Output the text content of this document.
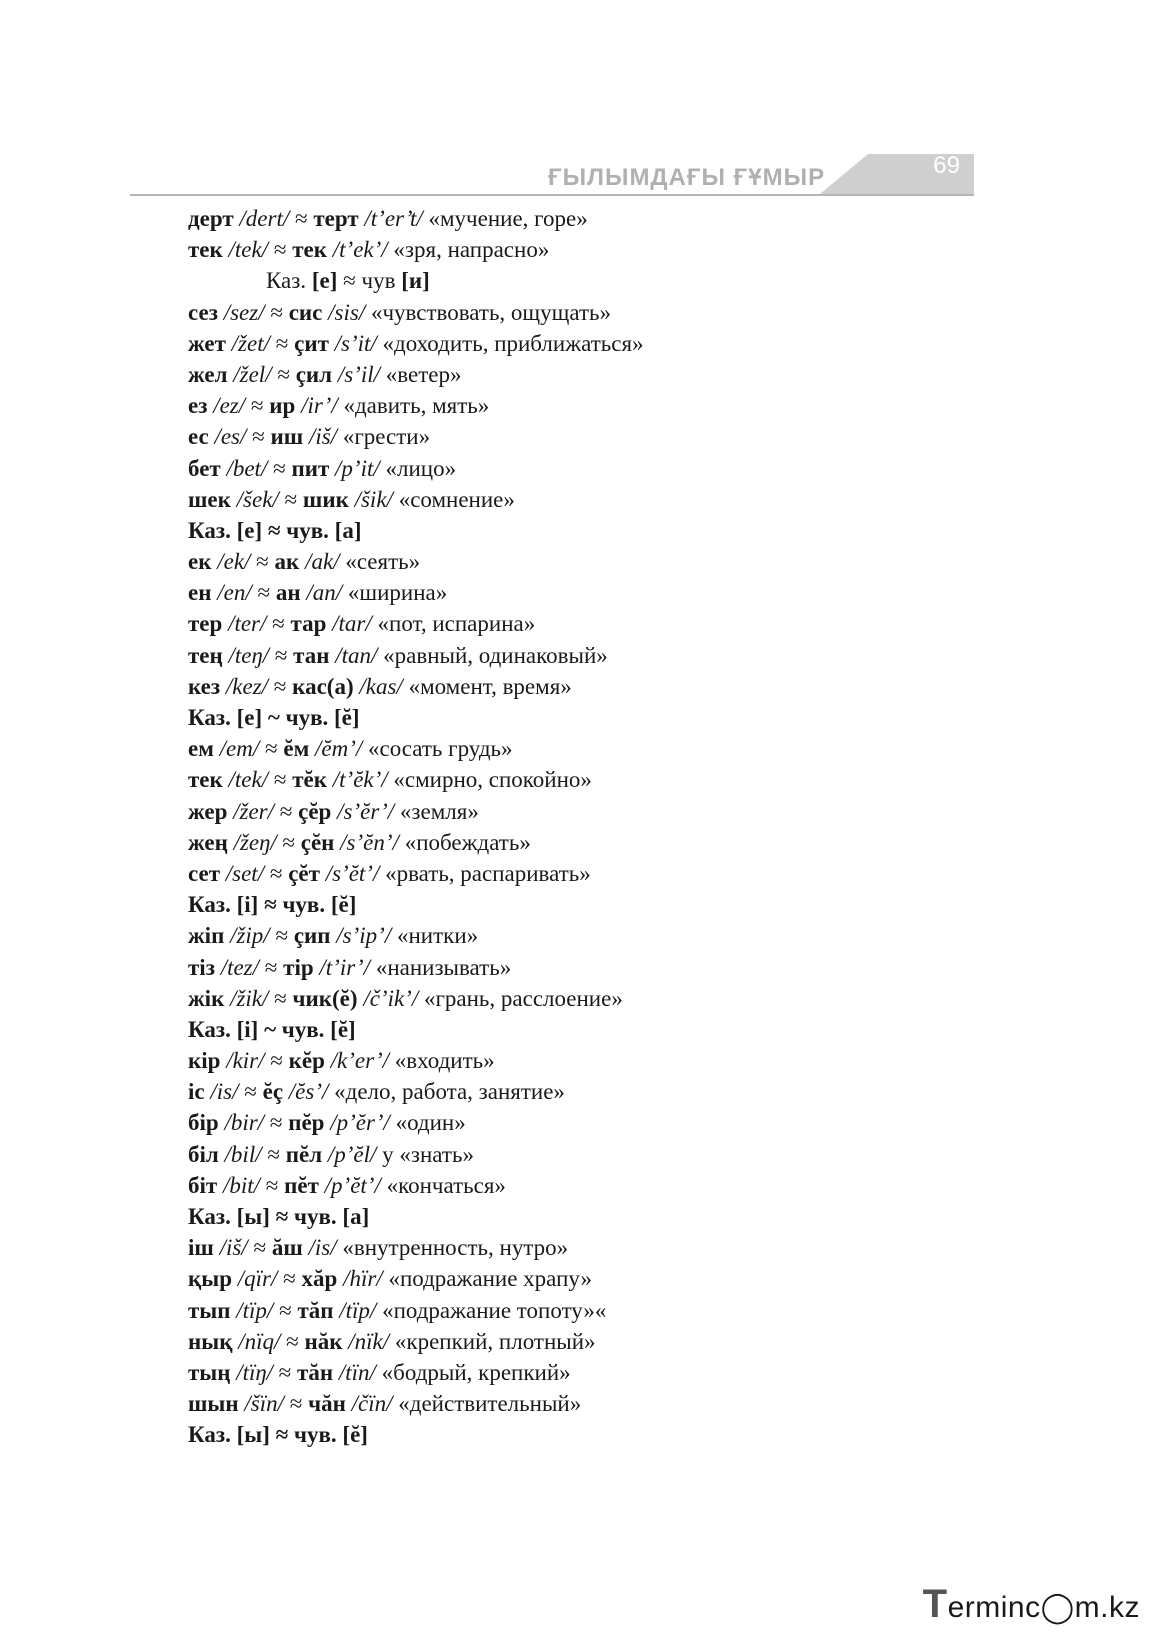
ҒЫЛЫМДАҒЫ ҒҰМЫР	69
дерт /dert/ ≈ терт /t’er’t/ «мучение, горе»
тек /tek/ ≈ тек /t’ek’/ «зря, напрасно»
Каз. [е] ≈ чув [и]
сез /sez/ ≈ сис /sis/ «чувствовать, ощущать»
жет /žet/ ≈ çит /s’it/ «доходить, приближаться»
жел /žel/ ≈ çил /s’il/ «ветер»
ез /ez/ ≈ ир /ir’/ «давить, мять»
ес /es/ ≈ иш /iš/ «грести»
бет /bet/ ≈ пит /p’it/ «лицо»
шек /šek/ ≈ шик /šik/ «сомнение»
Каз. [е] ≈ чув. [а]
ек /ek/ ≈ ак /ak/ «сеять»
ен /en/ ≈ ан /an/ «ширина»
тер /ter/ ≈ тар /tar/ «пот, испарина»
тең /teŋ/ ≈ тан /tan/ «равный, одинаковый»
кез /kez/ ≈ кас(а) /kas/ «момент, время»
Каз. [е] ~ чув. [ĕ]
ем /em/ ≈ ĕм /ĕm’/ «сосать грудь»
тек /tek/ ≈ тĕк /t’ĕk’/ «смирно, спокойно»
жер /žer/ ≈ çĕр /s’ĕr’/ «земля»
жең /žeŋ/ ≈ çĕн /s’ĕn’/ «побеждать»
сет /set/ ≈ çĕт /s’ĕt’/ «рвать, распаривать»
Каз. [і] ≈ чув. [ĕ]
жіп /žip/ ≈ çип /s’ip’/ «нитки»
тіз /tez/ ≈ тір /t’ir’/ «нанизывать»
жік /žik/ ≈ чик(ĕ) /č’ik’/ «грань, расслоение»
Каз. [і] ~ чув. [ĕ]
кір /kir/ ≈ кĕр /k’er’/ «входить»
іс /is/ ≈ ĕç /ĕs’/ «дело, работа, занятие»
бір /bir/ ≈ пĕр /p’ĕr’/ «один»
біл /bil/ ≈ пĕл /p’ĕl/ у «знать»
біт /bit/ ≈ пĕт /p’ĕt’/ «кончаться»
Каз. [ы] ≈ чув. [а]
іш /iš/ ≈ ăш /is/ «внутренность, нутро»
қыр /qïr/ ≈ хăр /hïr/ «подражание храпу»
тып /tïp/ ≈ тăп /tïp/ «подражание топоту»«
нық /nïq/ ≈ нăк /nïk/ «крепкий, плотный»
тың /tïŋ/ ≈ тăн /tïn/ «бодрый, крепкий»
шын /šïn/ ≈ чăн /čïn/ «действительный»
Каз. [ы] ≈ чув. [ĕ]
Terminc◯m.kz
